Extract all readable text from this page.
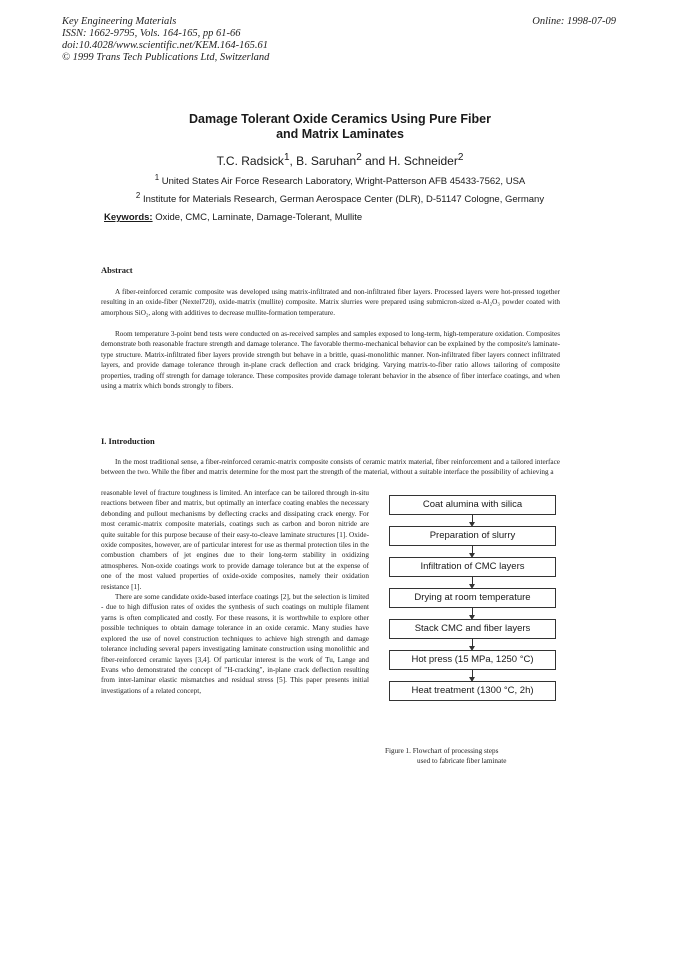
Key Engineering Materials
ISSN: 1662-9795, Vols. 164-165, pp 61-66
doi:10.4028/www.scientific.net/KEM.164-165.61
© 1999 Trans Tech Publications Ltd, Switzerland
Online: 1998-07-09
Damage Tolerant Oxide Ceramics Using Pure Fiber
and Matrix Laminates
T.C. Radsick$^1$, B. Saruhan$^2$ and H. Schneider$^2$
$^1$ United States Air Force Research Laboratory, Wright-Patterson AFB 45433-7562, USA
$^2$ Institute for Materials Research, German Aerospace Center (DLR), D-51147 Cologne, Germany
Keywords: Oxide, CMC, Laminate, Damage-Tolerant, Mullite
Abstract
A fiber-reinforced ceramic composite was developed using matrix-infiltrated and non-infiltrated fiber layers. Processed layers were hot-pressed together resulting in an oxide-fiber (Nextel720), oxide-matrix (mullite) composite. Matrix slurries were prepared using submicron-sized α-Al₂O₃ powder coated with amorphous SiO₂, along with additives to decrease mullite-formation temperature.
Room temperature 3-point bend tests were conducted on as-received samples and samples exposed to long-term, high-temperature oxidation. Composites demonstrate both reasonable fracture strength and damage tolerance. The favorable thermo-mechanical behavior can be explained by the composite's laminate-type structure. Matrix-infiltrated fiber layers provide strength but behave in a brittle, quasi-monolithic manner. Non-infiltrated fiber layers connect infiltrated layers, and provide damage tolerance through in-plane crack deflection and crack bridging. Varying matrix-to-fiber ratio allows tailoring of composite properties, trading off strength for damage tolerance. These composites provide damage tolerant behavior in the absence of fiber interface coatings, and when using a matrix which bonds strongly to fibers.
I. Introduction
In the most traditional sense, a fiber-reinforced ceramic-matrix composite consists of ceramic matrix material, fiber reinforcement and a tailored interface between the two. While the fiber and matrix determine for the most part the strength of the material, without a suitable interface the possibility of achieving a

reasonable level of fracture toughness is limited. An interface can be tailored through in-situ reactions between fiber and matrix, but optimally an interface coating enables the necessary debonding and pullout mechanisms by deflecting cracks and dissipating crack energy. For most ceramic-matrix composite materials, coatings such as carbon and boron nitride are quite suitable for this purpose because of their easy-to-cleave laminate structures [1]. Oxide-oxide composites, however, are of particular interest for use as thermal protection tiles in the combustion chambers of jet engines due to their long-term stability in oxidizing atmospheres. Non-oxide coatings work to provide damage tolerance but at the expense of one of the most valued properties of oxide-oxide composites, namely their oxidation resistance [1].

There are some candidate oxide-based interface coatings [2], but the selection is limited - due to high diffusion rates of oxides the synthesis of such coatings on multiple filament yarns is often complicated and costly. For these reasons, it is worthwhile to explore other possible techniques to obtain damage tolerance in an oxide ceramic. Many studies have explored the use of novel construction techniques to achieve high strength and damage tolerance including several papers investigating laminate construction using monolithic and fiber-reinforced ceramic layers [3,4]. Of particular interest is the work of Tu, Lange and Evans who demonstrated the concept of "H-cracking", in-plane crack deflection resulting from inter-laminar elastic mismatches and residual stress [5]. This paper presents initial investigations of a related concept,

Coat alumina with silica
Preparation of slurry
Infiltration of CMC layers
Drying at room temperature
Stack CMC and fiber layers
Hot press (15 MPa, 1250 °C)
Heat treatment (1300 °C, 2h)
Figure 1. Flowchart of processing steps
used to fabricate fiber laminate
